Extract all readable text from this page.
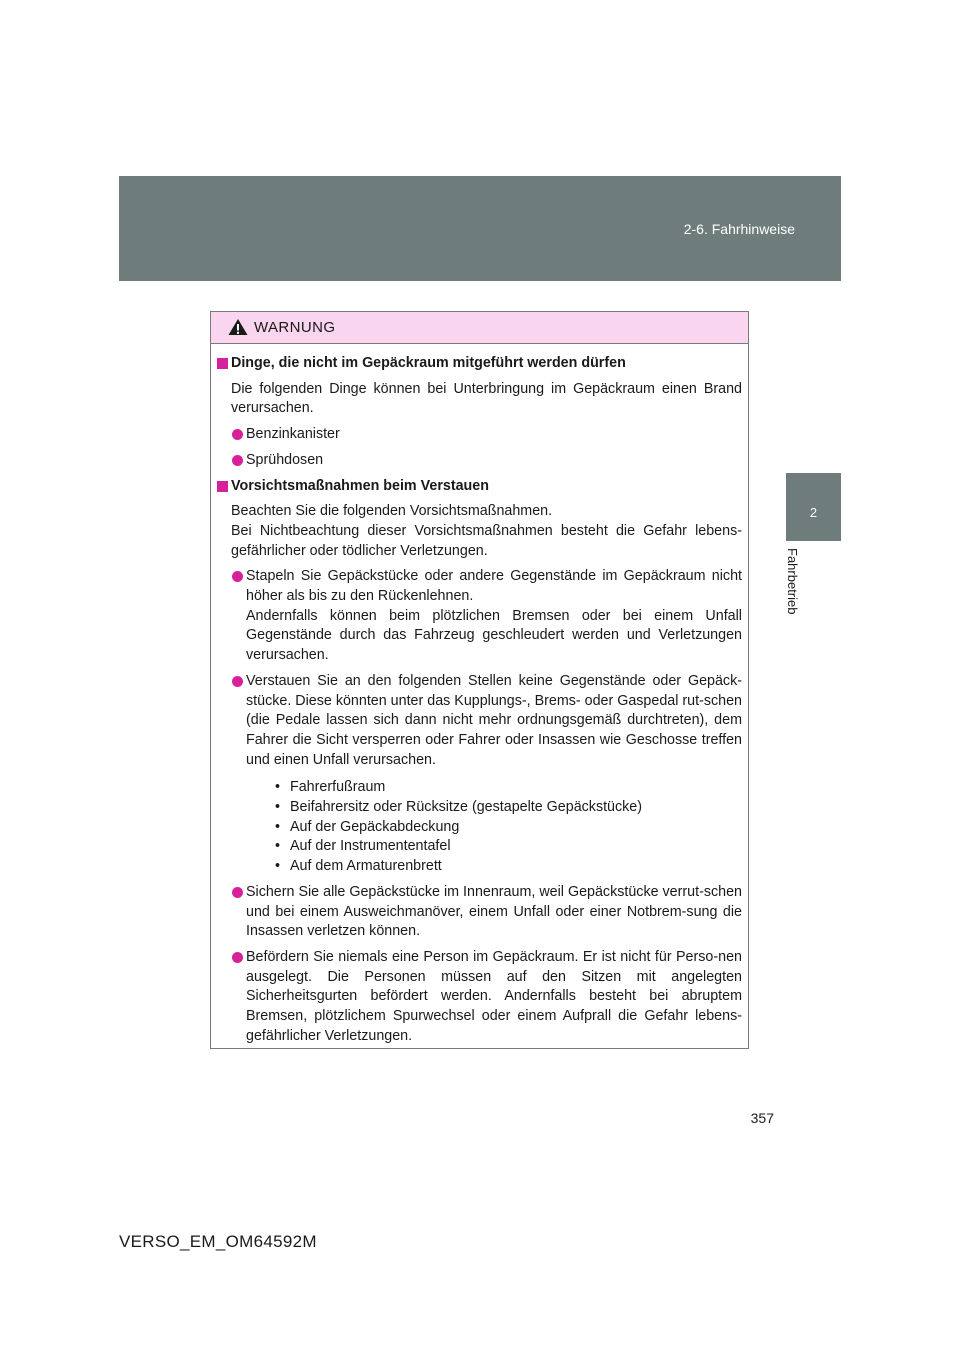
2-6. Fahrhinweise
2
Fahrbetrieb
WARNUNG
Dinge, die nicht im Gepäckraum mitgeführt werden dürfen
Die folgenden Dinge können bei Unterbringung im Gepäckraum einen Brand verursachen.
Benzinkanister
Sprühdosen
Vorsichtsmaßnahmen beim Verstauen
Beachten Sie die folgenden Vorsichtsmaßnahmen.
Bei Nichtbeachtung dieser Vorsichtsmaßnahmen besteht die Gefahr lebens-gefährlicher oder tödlicher Verletzungen.
Stapeln Sie Gepäckstücke oder andere Gegenstände im Gepäckraum nicht höher als bis zu den Rückenlehnen.
Andernfalls können beim plötzlichen Bremsen oder bei einem Unfall Gegenstände durch das Fahrzeug geschleudert werden und Verletzungen verursachen.
Verstauen Sie an den folgenden Stellen keine Gegenstände oder Gepäck-stücke. Diese könnten unter das Kupplungs-, Brems- oder Gaspedal rut-schen (die Pedale lassen sich dann nicht mehr ordnungsgemäß durchtreten), dem Fahrer die Sicht versperren oder Fahrer oder Insassen wie Geschosse treffen und einen Unfall verursachen.
• Fahrerfußraum
• Beifahrersitz oder Rücksitze (gestapelte Gepäckstücke)
• Auf der Gepäckabdeckung
• Auf der Instrumententafel
• Auf dem Armaturenbrett
Sichern Sie alle Gepäckstücke im Innenraum, weil Gepäckstücke verrut-schen und bei einem Ausweichmanöver, einem Unfall oder einer Notbrem-sung die Insassen verletzen können.
Befördern Sie niemals eine Person im Gepäckraum. Er ist nicht für Perso-nen ausgelegt. Die Personen müssen auf den Sitzen mit angelegten Sicherheitsgurten befördert werden. Andernfalls besteht bei abruptem Bremsen, plötzlichem Spurwechsel oder einem Aufprall die Gefahr lebens-gefährlicher Verletzungen.
357
VERSO_EM_OM64592M
